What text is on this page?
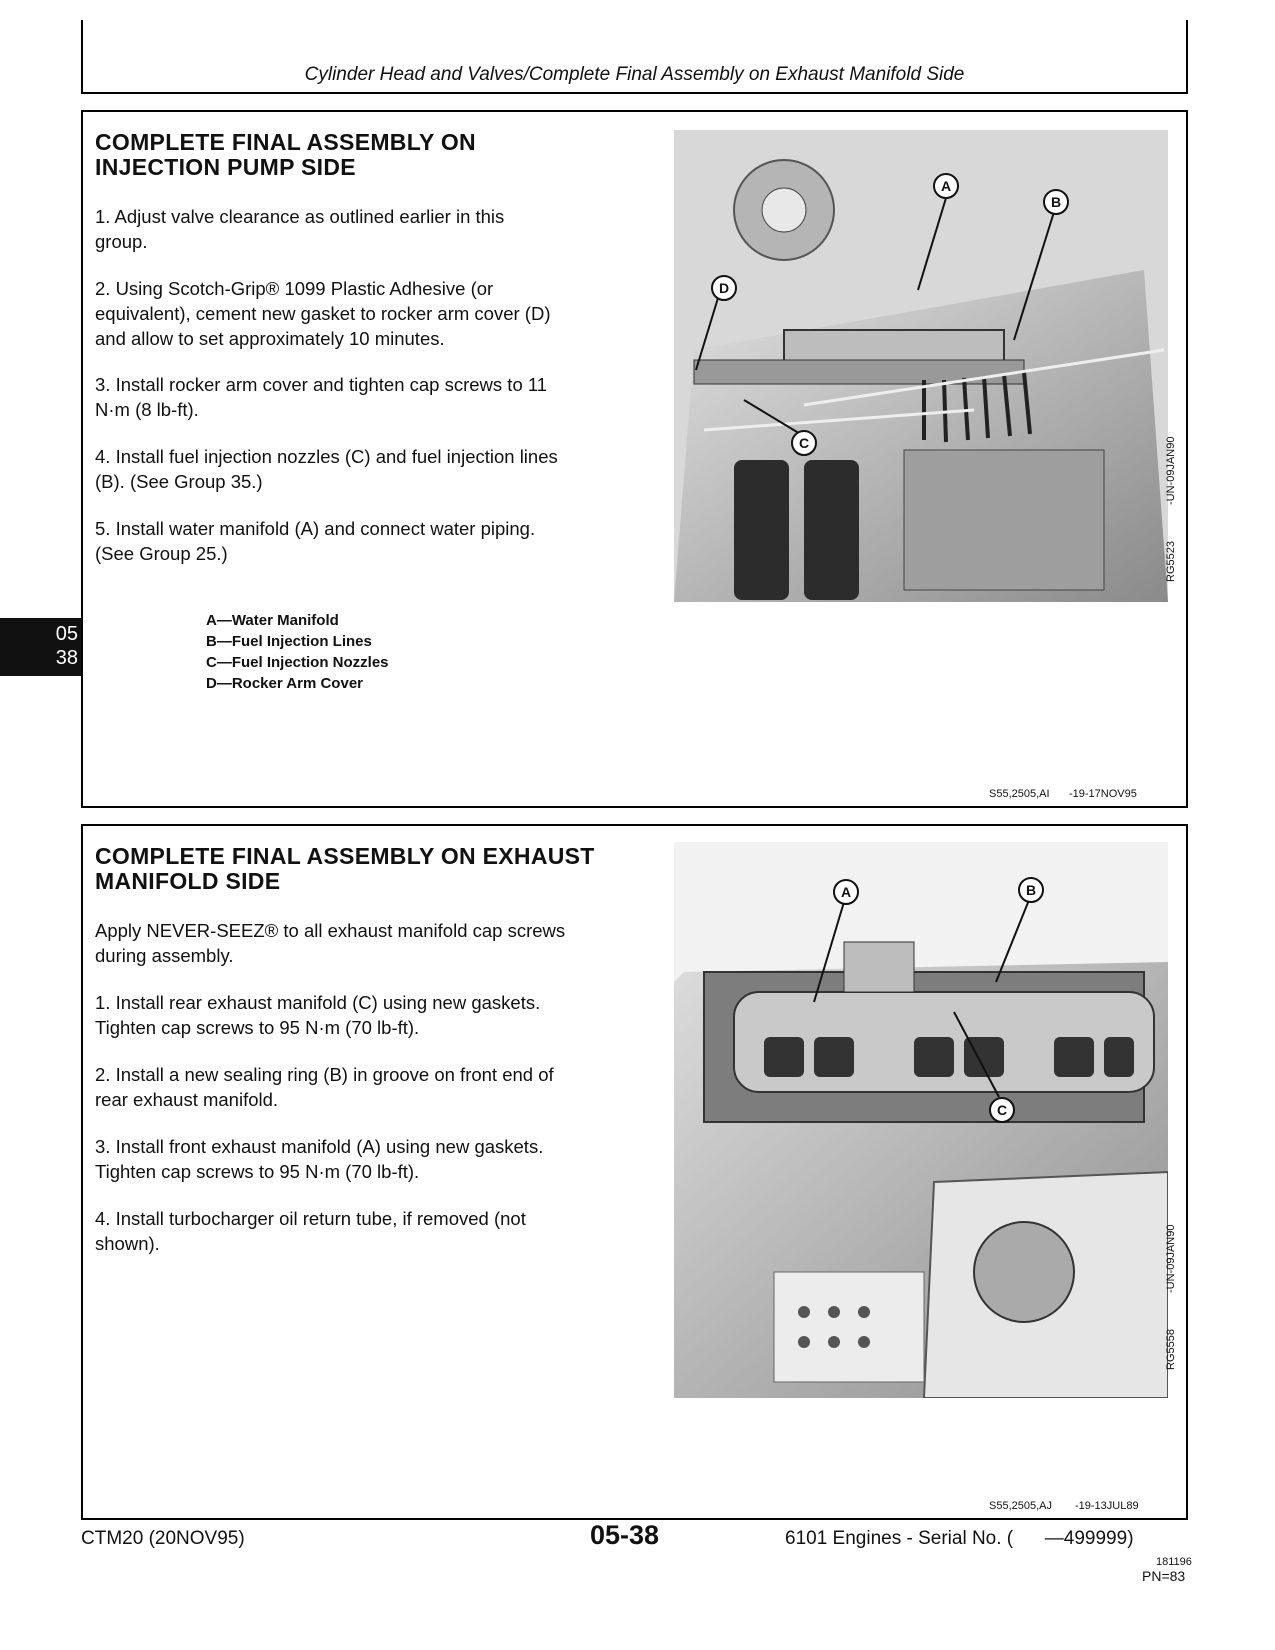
Cylinder Head and Valves/Complete Final Assembly on Exhaust Manifold Side
05
38

COMPLETE FINAL ASSEMBLY ON

INJECTION PUMP SIDE

1. Adjust valve clearance as outlined earlier in this

group.

2. Using Scotch-Grip® 1099 Plastic Adhesive (or

equivalent), cement new gasket to rocker arm cover (D)

and allow to set approximately 10 minutes.

3. Install rocker arm cover and tighten cap screws to 11

N·m (8 lb-ft).

4. Install fuel injection nozzles (C) and fuel injection lines

(B). (See Group 35.)

5. Install water manifold (A) and connect water piping.

(See Group 25.)

A—Water Manifold
B—Fuel Injection Lines
C—Fuel Injection Nozzles
D—Rocker Arm Cover
A
B
C
D
RG5523
-UN-09JAN90
S55,2505,AI -19-17NOV95

COMPLETE FINAL ASSEMBLY ON EXHAUST

MANIFOLD SIDE

Apply NEVER-SEEZ® to all exhaust manifold cap screws

during assembly.

1. Install rear exhaust manifold (C) using new gaskets.

Tighten cap screws to 95 N·m (70 lb-ft).

2. Install a new sealing ring (B) in groove on front end of

rear exhaust manifold.

3. Install front exhaust manifold (A) using new gaskets.

Tighten cap screws to 95 N·m (70 lb-ft).

4. Install turbocharger oil return tube, if removed (not

shown).

A	B
C
RG5558
-UN-09JAN90
S55,2505,AJ -19-13JUL89
CTM20 (20NOV95)	05-38	6101 Engines - Serial No. (      —499999)
181196
PN=83
